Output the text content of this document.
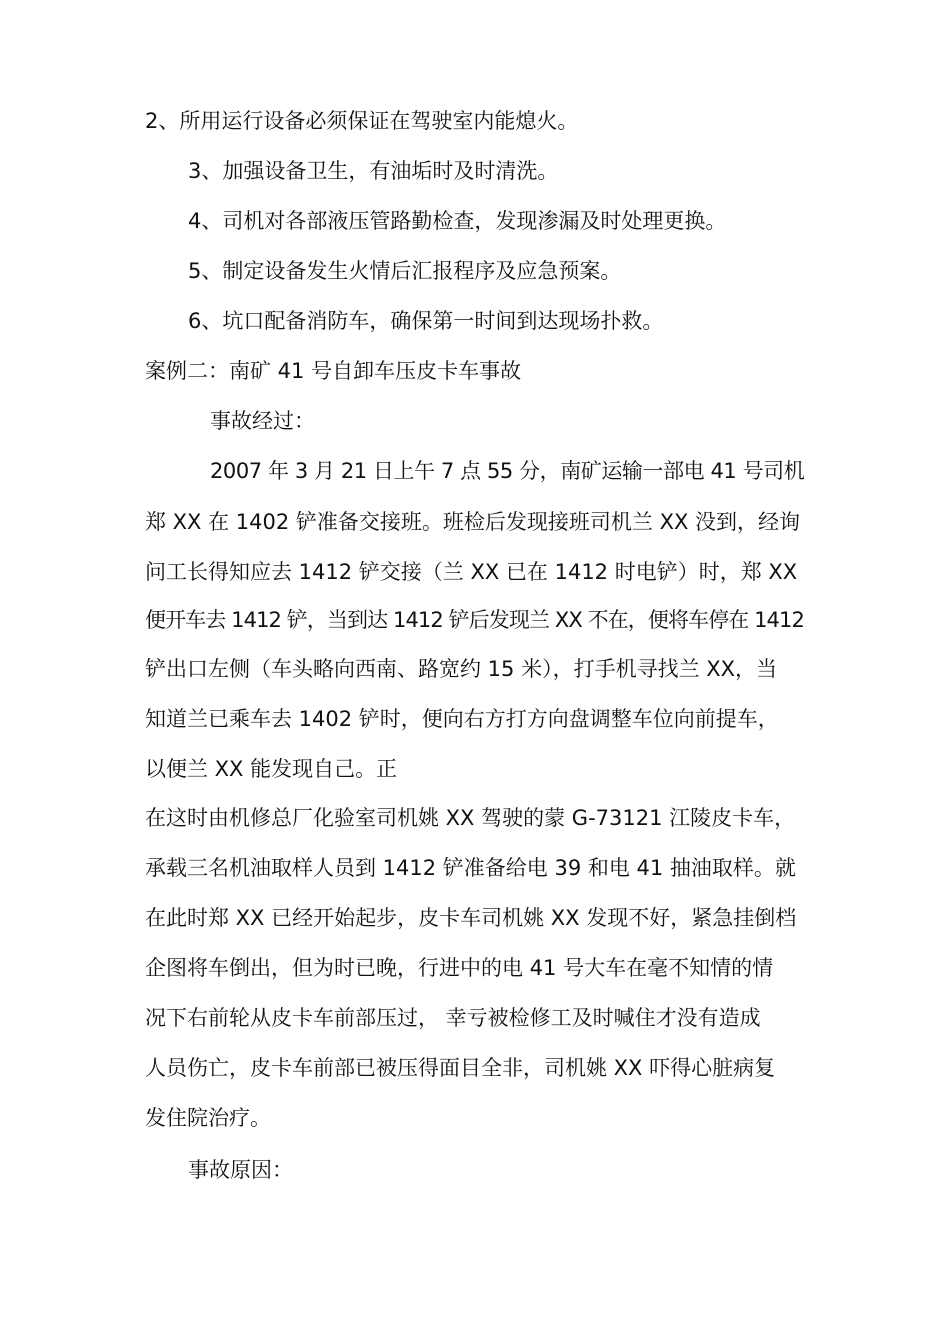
2、所用运行设备必须保证在驾驶室内能熄火。
3、加强设备卫生，有油垢时及时清洗。
4、司机对各部液压管路勤检查，发现渗漏及时处理更换。
5、制定设备发生火情后汇报程序及应急预案。
6、坑口配备消防车，确保第一时间到达现场扑救。
案例二：南矿 41 号自卸车压皮卡车事故
事故经过：
2007 年 3 月 21 日上午 7 点 55 分，南矿运输一部电 41 号司机
郑 XX 在 1402 铲准备交接班。班检后发现接班司机兰 XX 没到，经询
问工长得知应去 1412 铲交接（兰 XX 已在 1412 时电铲）时，郑 XX
便开车去 1412 铲，当到达 1412 铲后发现兰 XX 不在，便将车停在 1412
铲出口左侧（车头略向西南、路宽约 15 米），打手机寻找兰 XX，当
知道兰已乘车去 1402 铲时，便向右方打方向盘调整车位向前提车，
以便兰 XX 能发现自己。正
在这时由机修总厂化验室司机姚 XX 驾驶的蒙 G-73121 江陵皮卡车，
承载三名机油取样人员到 1412 铲准备给电 39 和电 41 抽油取样。就
在此时郑 XX 已经开始起步，皮卡车司机姚 XX 发现不好，紧急挂倒档
企图将车倒出，但为时已晚，行进中的电 41 号大车在毫不知情的情
况下右前轮从皮卡车前部压过， 幸亏被检修工及时喊住才没有造成
人员伤亡，皮卡车前部已被压得面目全非，司机姚 XX 吓得心脏病复
发住院治疗。
事故原因：
